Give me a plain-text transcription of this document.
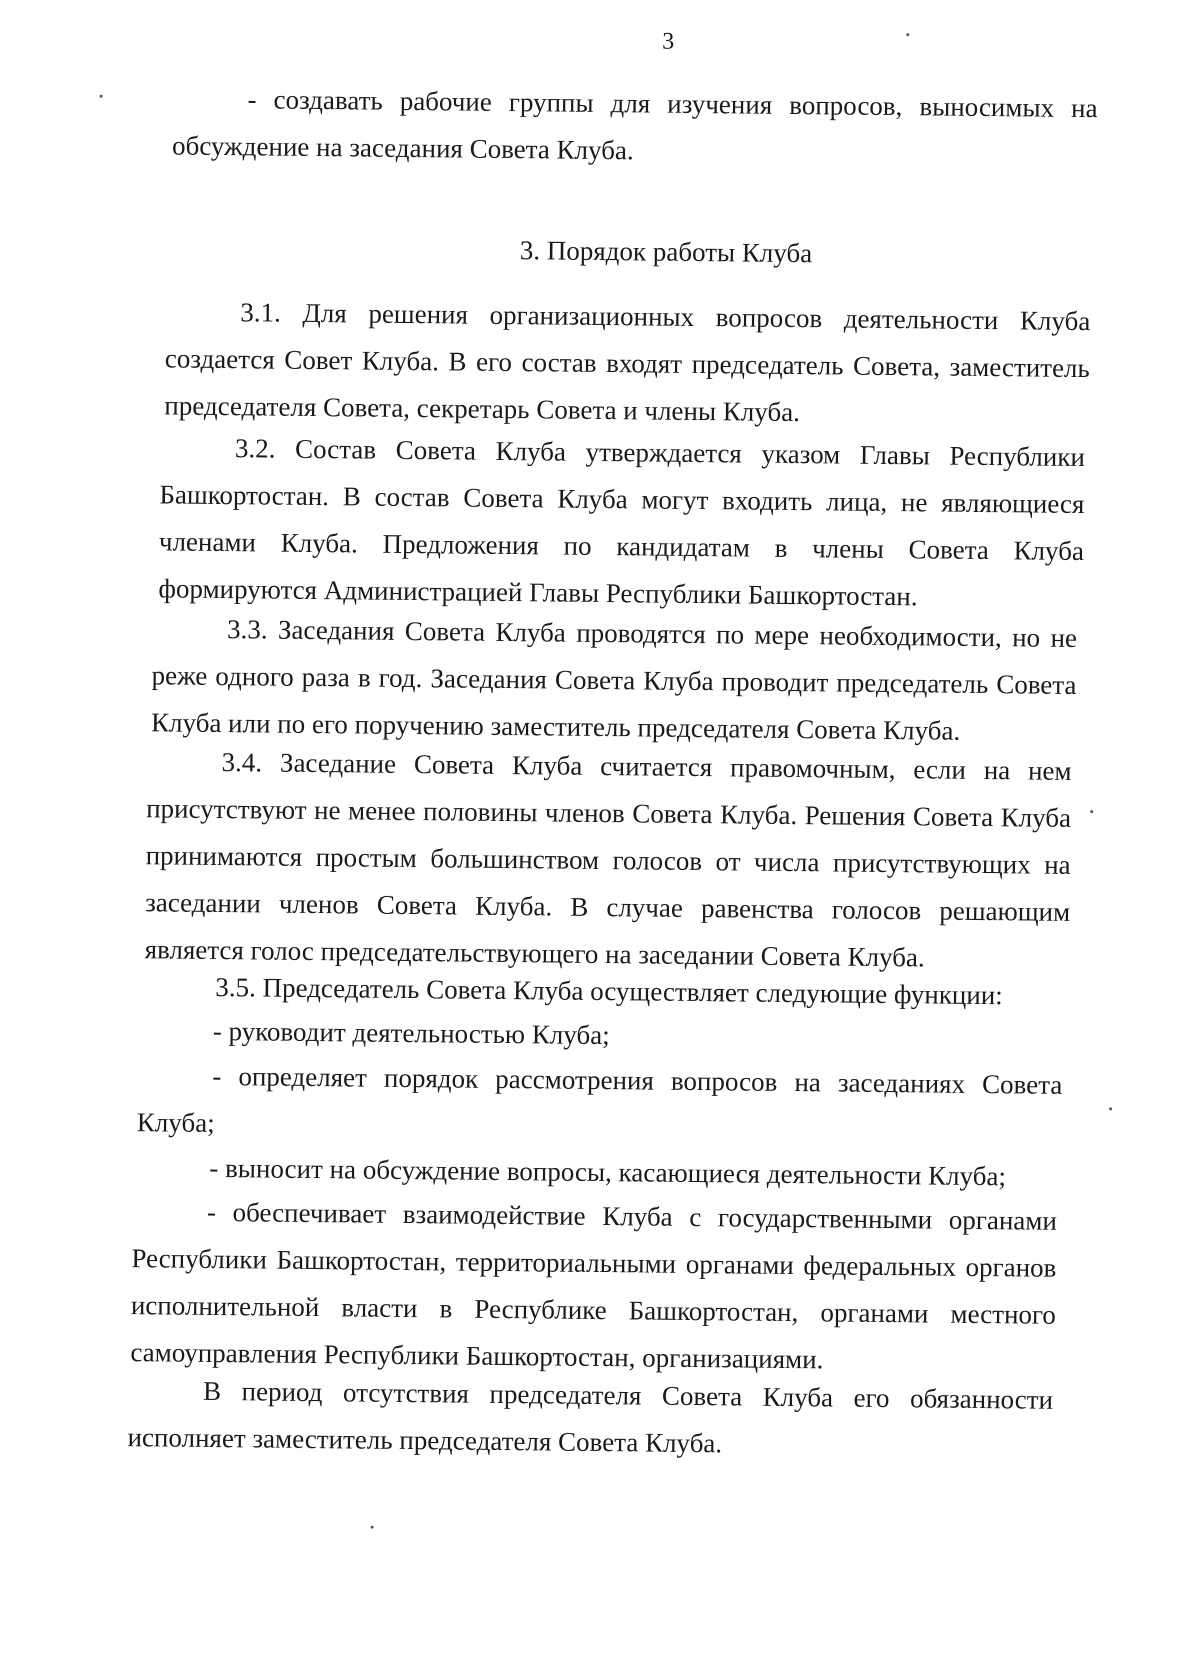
3

- создавать рабочие группы для изучения вопросов, выносимых на обсуждение на заседания Совета Клуба.

3. Порядок работы Клуба

3.1. Для решения организационных вопросов деятельности Клуба создается Совет Клуба. В его состав входят председатель Совета, заместитель председателя Совета, секретарь Совета и члены Клуба.

3.2. Состав Совета Клуба утверждается указом Главы Республики Башкортостан. В состав Совета Клуба могут входить лица, не являющиеся членами Клуба. Предложения по кандидатам в члены Совета Клуба формируются Администрацией Главы Республики Башкортостан.

3.3. Заседания Совета Клуба проводятся по мере необходимости, но не реже одного раза в год. Заседания Совета Клуба проводит председатель Совета Клуба или по его поручению заместитель председателя Совета Клуба.

3.4. Заседание Совета Клуба считается правомочным, если на нем присутствуют не менее половины членов Совета Клуба. Решения Совета Клуба принимаются простым большинством голосов от числа присутствующих на заседании членов Совета Клуба. В случае равенства голосов решающим является голос председательствующего на заседании Совета Клуба.

3.5. Председатель Совета Клуба осуществляет следующие функции:

- руководит деятельностью Клуба;

- определяет порядок рассмотрения вопросов на заседаниях Совета Клуба;

- выносит на обсуждение вопросы, касающиеся деятельности Клуба;

- обеспечивает взаимодействие Клуба с государственными органами Республики Башкортостан, территориальными органами федеральных органов исполнительной власти в Республике Башкортостан, органами местного самоуправления Республики Башкортостан, организациями.

В период отсутствия председателя Совета Клуба его обязанности исполняет заместитель председателя Совета Клуба.
